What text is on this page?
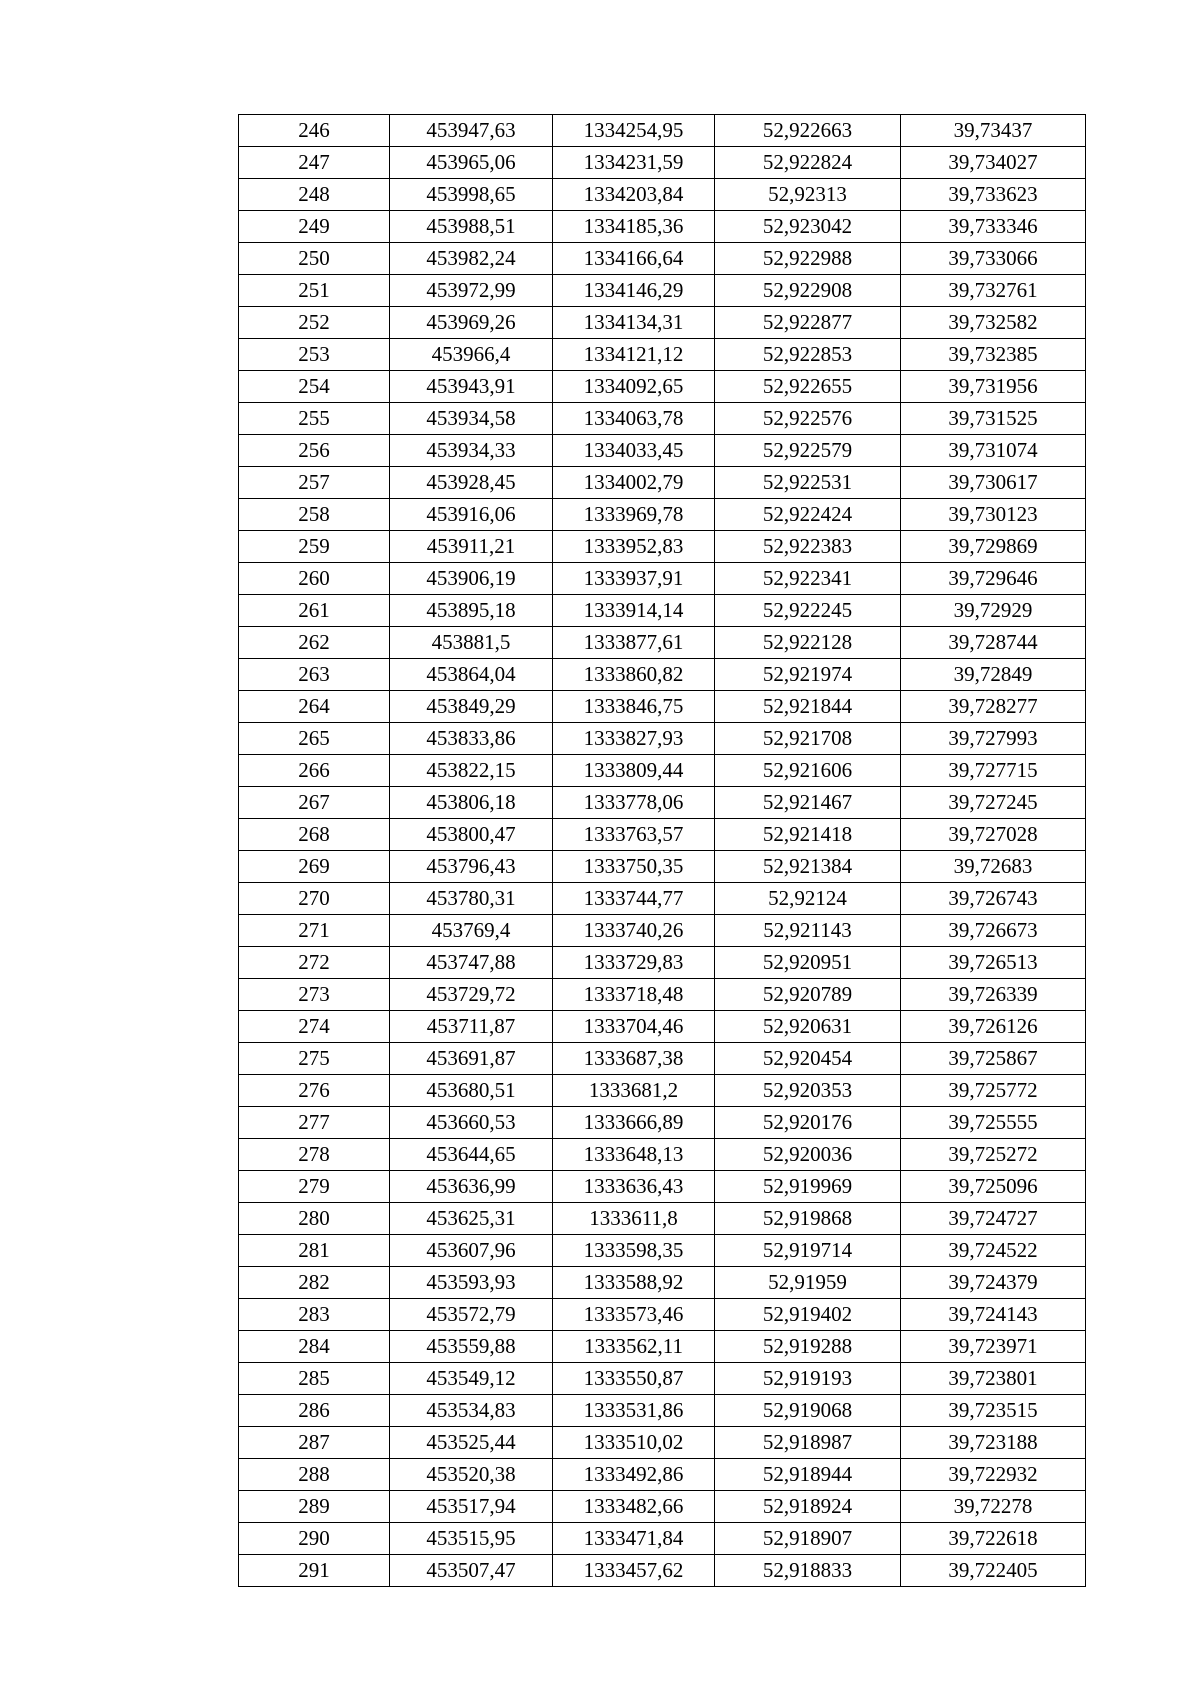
246	453947,63	1334254,95	52,922663	39,73437
247	453965,06	1334231,59	52,922824	39,734027
248	453998,65	1334203,84	52,92313	39,733623
249	453988,51	1334185,36	52,923042	39,733346
250	453982,24	1334166,64	52,922988	39,733066
251	453972,99	1334146,29	52,922908	39,732761
252	453969,26	1334134,31	52,922877	39,732582
253	453966,4	1334121,12	52,922853	39,732385
254	453943,91	1334092,65	52,922655	39,731956
255	453934,58	1334063,78	52,922576	39,731525
256	453934,33	1334033,45	52,922579	39,731074
257	453928,45	1334002,79	52,922531	39,730617
258	453916,06	1333969,78	52,922424	39,730123
259	453911,21	1333952,83	52,922383	39,729869
260	453906,19	1333937,91	52,922341	39,729646
261	453895,18	1333914,14	52,922245	39,72929
262	453881,5	1333877,61	52,922128	39,728744
263	453864,04	1333860,82	52,921974	39,72849
264	453849,29	1333846,75	52,921844	39,728277
265	453833,86	1333827,93	52,921708	39,727993
266	453822,15	1333809,44	52,921606	39,727715
267	453806,18	1333778,06	52,921467	39,727245
268	453800,47	1333763,57	52,921418	39,727028
269	453796,43	1333750,35	52,921384	39,72683
270	453780,31	1333744,77	52,92124	39,726743
271	453769,4	1333740,26	52,921143	39,726673
272	453747,88	1333729,83	52,920951	39,726513
273	453729,72	1333718,48	52,920789	39,726339
274	453711,87	1333704,46	52,920631	39,726126
275	453691,87	1333687,38	52,920454	39,725867
276	453680,51	1333681,2	52,920353	39,725772
277	453660,53	1333666,89	52,920176	39,725555
278	453644,65	1333648,13	52,920036	39,725272
279	453636,99	1333636,43	52,919969	39,725096
280	453625,31	1333611,8	52,919868	39,724727
281	453607,96	1333598,35	52,919714	39,724522
282	453593,93	1333588,92	52,91959	39,724379
283	453572,79	1333573,46	52,919402	39,724143
284	453559,88	1333562,11	52,919288	39,723971
285	453549,12	1333550,87	52,919193	39,723801
286	453534,83	1333531,86	52,919068	39,723515
287	453525,44	1333510,02	52,918987	39,723188
288	453520,38	1333492,86	52,918944	39,722932
289	453517,94	1333482,66	52,918924	39,72278
290	453515,95	1333471,84	52,918907	39,722618
291	453507,47	1333457,62	52,918833	39,722405
